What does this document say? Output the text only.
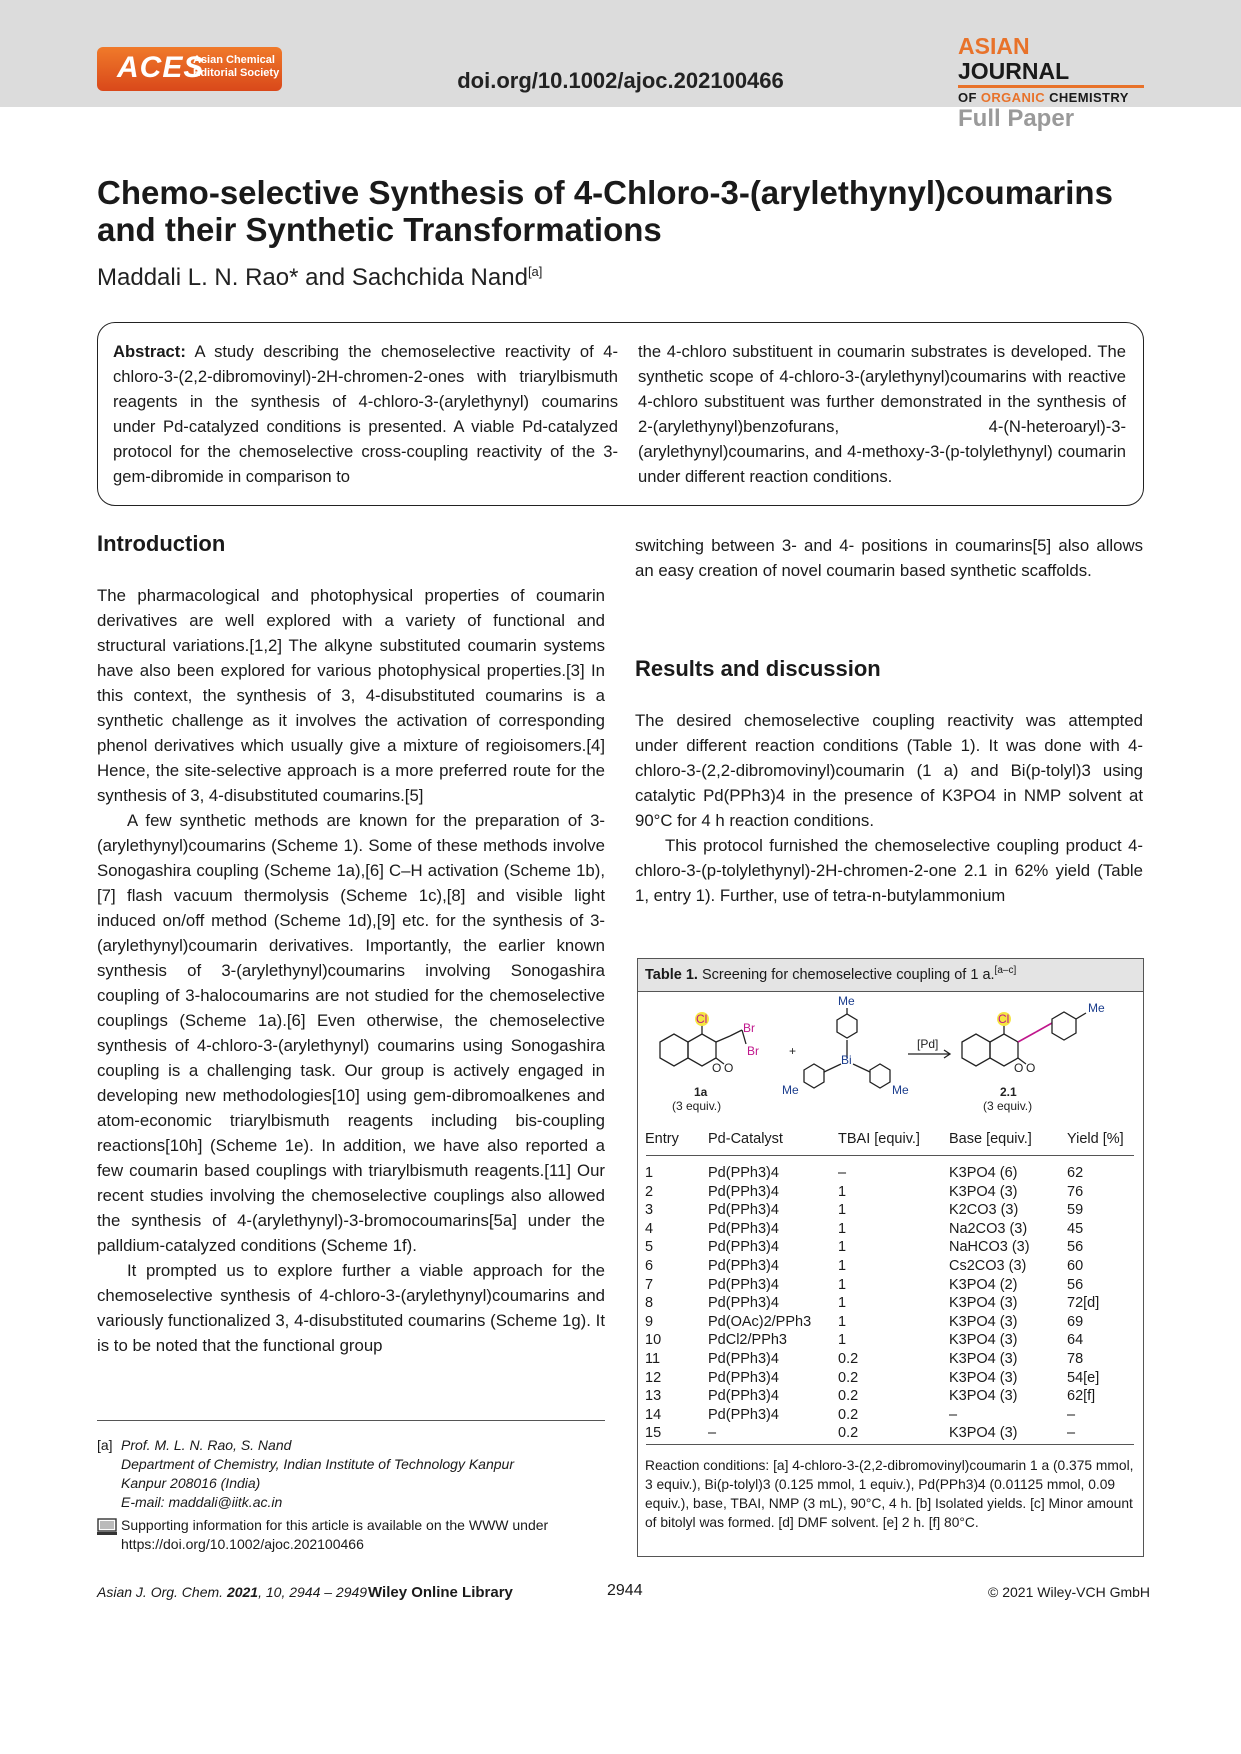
ACES
Asian Chemical
Editorial Society	doi.org/10.1002/ajoc.202100466
ASIAN JOURNAL
OF ORGANIC CHEMISTRY
Full Paper
Chemo-selective Synthesis of 4-Chloro-3-(arylethynyl)coumarins
and their Synthetic Transformations
Maddali L. N. Rao* and Sachchida Nand[a]
Abstract: A study describing the chemoselective reactivity of 4-chloro-3-(2,2-dibromovinyl)-2H-chromen-2-ones with triarylbismuth reagents in the synthesis of 4-chloro-3-(arylethynyl) coumarins under Pd-catalyzed conditions is presented. A viable Pd-catalyzed protocol for the chemoselective cross-coupling reactivity of the 3-gem-dibromide in comparison to
the 4-chloro substituent in coumarin substrates is developed. The synthetic scope of 4-chloro-3-(arylethynyl)coumarins with reactive 4-chloro substituent was further demonstrated in the synthesis of 2-(arylethynyl)benzofurans, 4-(N-heteroaryl)-3-(arylethynyl)coumarins, and 4-methoxy-3-(p-tolylethynyl) coumarin under different reaction conditions.
Introduction

The pharmacological and photophysical properties of coumarin derivatives are well explored with a variety of functional and structural variations.[1,2] The alkyne substituted coumarin systems have also been explored for various photophysical properties.[3] In this context, the synthesis of 3, 4-disubstituted coumarins is a synthetic challenge as it involves the activation of corresponding phenol derivatives which usually give a mixture of regioisomers.[4] Hence, the site-selective approach is a more preferred route for the synthesis of 3, 4-disubstituted coumarins.[5]

A few synthetic methods are known for the preparation of 3-(arylethynyl)coumarins (Scheme 1). Some of these methods involve Sonogashira coupling (Scheme 1a),[6] C–H activation (Scheme 1b),[7] flash vacuum thermolysis (Scheme 1c),[8] and visible light induced on/off method (Scheme 1d),[9] etc. for the synthesis of 3-(arylethynyl)coumarin derivatives. Importantly, the earlier known synthesis of 3-(arylethynyl)coumarins involving Sonogashira coupling of 3-halocoumarins are not studied for the chemoselective couplings (Scheme 1a).[6] Even otherwise, the chemoselective synthesis of 4-chloro-3-(arylethynyl) coumarins using Sonogashira coupling is a challenging task. Our group is actively engaged in developing new methodologies[10] using gem-dibromoalkenes and atom-economic triarylbismuth reagents including bis-coupling reactions[10h] (Scheme 1e). In addition, we have also reported a few coumarin based couplings with triarylbismuth reagents.[11] Our recent studies involving the chemoselective couplings also allowed the synthesis of 4-(arylethynyl)-3-bromocoumarins[5a] under the palldium-catalyzed conditions (Scheme 1f).

It prompted us to explore further a viable approach for the chemoselective synthesis of 4-chloro-3-(arylethynyl)coumarins and variously functionalized 3, 4-disubstituted coumarins (Scheme 1g). It is to be noted that the functional group

switching between 3- and 4- positions in coumarins[5] also allows an easy creation of novel coumarin based synthetic scaffolds.
Results and discussion

The desired chemoselective coupling reactivity was attempted under different reaction conditions (Table 1). It was done with 4-chloro-3-(2,2-dibromovinyl)coumarin (1 a) and Bi(p-tolyl)3 using catalytic Pd(PPh3)4 in the presence of K3PO4 in NMP solvent at 90°C for 4 h reaction conditions.

This protocol furnished the chemoselective coupling product 4-chloro-3-(p-tolylethynyl)-2H-chromen-2-one 2.1 in 62% yield (Table 1, entry 1). Further, use of tetra-n-butylammonium

[a] Prof. M. L. N. Rao, S. Nand
Department of Chemistry, Indian Institute of Technology Kanpur
Kanpur 208016 (India)
E-mail: maddali@iitk.ac.in
Supporting information for this article is available on the WWW under
https://doi.org/10.1002/ajoc.202100466
Table 1. Screening for chemoselective coupling of 1 a.[a–c]
Cl
Br
Br
O O
+
Me
Bi
Me	Me
[Pd]
Cl
Me
O O
1a
(3 equiv.)
2.1
(3 equiv.)
Entry Pd-Catalyst	TBAI [equiv.] Base [equiv.] Yield [%]
1	Pd(PPh3)4	–	K3PO4 (6)	62
2	Pd(PPh3)4	1	K3PO4 (3)	76
3	Pd(PPh3)4	1	K2CO3 (3)	59
4	Pd(PPh3)4	1	Na2CO3 (3)	45
5	Pd(PPh3)4	1	NaHCO3 (3)	56
6	Pd(PPh3)4	1	Cs2CO3 (3)	60
7	Pd(PPh3)4	1	K3PO4 (2)	56
8	Pd(PPh3)4	1	K3PO4 (3)	72[d]
9	Pd(OAc)2/PPh3 1	K3PO4 (3)	69
10	PdCl2/PPh3	1	K3PO4 (3)	64
11	Pd(PPh3)4	0.2	K3PO4 (3)	78
12	Pd(PPh3)4	0.2	K3PO4 (3)	54[e]
13	Pd(PPh3)4	0.2	K3PO4 (3)	62[f]
14	Pd(PPh3)4	0.2	–	–
15	–	0.2	K3PO4 (3)	–
Reaction conditions: [a] 4-chloro-3-(2,2-dibromovinyl)coumarin 1 a (0.375 mmol, 3 equiv.), Bi(p-tolyl)3 (0.125 mmol, 1 equiv.), Pd(PPh3)4 (0.01125 mmol, 0.09 equiv.), base, TBAI, NMP (3 mL), 90°C, 4 h. [b] Isolated yields. [c] Minor amount of bitolyl was formed. [d] DMF solvent. [e] 2 h. [f] 80°C.
Asian J. Org. Chem. 2021, 10, 2944 – 2949 Wiley Online Library	2944	© 2021 Wiley-VCH GmbH
